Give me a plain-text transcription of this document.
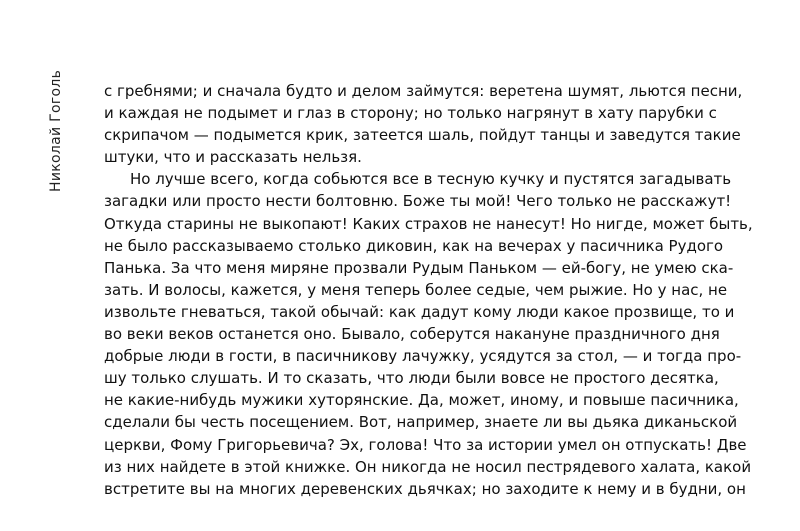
Николай Гоголь	с гребнями; и сначала будто и делом займутся: веретена шумят, льются песни,
и каждая не подымет и глаз в сторону; но только нагрянут в хату парубки с
скрипачом — подымется крик, затеется шаль, пойдут танцы и заведутся такие
штуки, что и рассказать нельзя.
Но лучше всего, когда собьются все в тесную кучку и пустятся загадывать
загадки или просто нести болтовню. Боже ты мой! Чего только не расскажут!
Откуда старины не выкопают! Каких страхов не нанесут! Но нигде, может быть,
не было рассказываемо столько диковин, как на вечерах у пасичника Рудого
Панька. За что меня миряне прозвали Рудым Паньком — ей-богу, не умею ска-
зать. И волосы, кажется, у меня теперь более седые, чем рыжие. Но у нас, не
извольте гневаться, такой обычай: как дадут кому люди какое прозвище, то и
во веки веков останется оно. Бывало, соберутся накануне праздничного дня
добрые люди в гости, в пасичникову лачужку, усядутся за стол, — и тогда про-
шу только слушать. И то сказать, что люди были вовсе не простого десятка,
не какие-нибудь мужики хуторянские. Да, может, иному, и повыше пасичника,
сделали бы честь посещением. Вот, например, знаете ли вы дьяка диканьской
церкви, Фому Григорьевича? Эх, голова! Что за истории умел он отпускать! Две
из них найдете в этой книжке. Он никогда не носил пестрядевого халата, какой
встретите вы на многих деревенских дьячках; но заходите к нему и в будни, он
